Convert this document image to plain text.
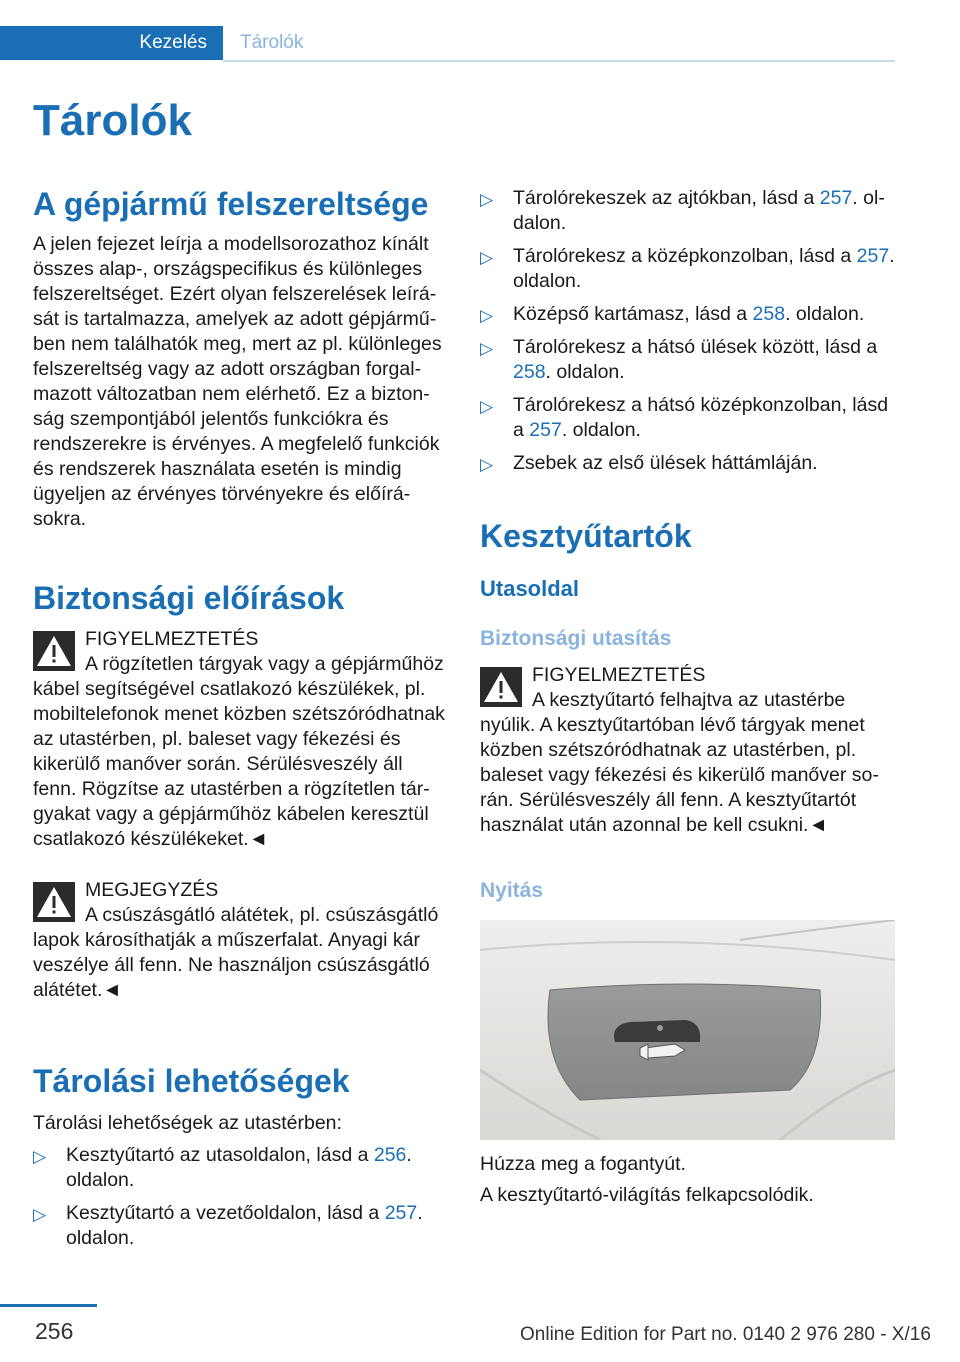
Kezelés	Tárolók
Tárolók
A gépjármű felszereltsége

A jelen fejezet leírja a modellsorozathoz kínált összes alap-, országspecifikus és különleges felszereltséget. Ezért olyan felszerelések leírását is tartalmazza, amelyek az adott gépjárműben nem találhatók meg, mert az pl. különleges felszereltség vagy az adott országban forgalmazott változatban nem elérhető. Ez a biztonság szempontjából jelentős funkciókra és rendszerekre is érvényes. A megfelelő funkciók és rendszerek használata esetén is mindig ügyeljen az érvényes törvényekre és előírásokra.

Biztonsági előírások
FIGYELMEZTETÉS
A rögzítetlen tárgyak vagy a gépjárműhöz kábel segítségével csatlakozó készülékek, pl. mobiltelefonok menet közben szétszóródhatnak az utastérben, pl. baleset vagy fékezési és kikerülő manőver során. Sérülésveszély áll fenn. Rögzítse az utastérben a rögzítetlen tárgyakat vagy a gépjárműhöz kábelen keresztül csatlakozó készülékeket.◄
MEGJEGYZÉS
A csúszásgátló alátétek, pl. csúszásgátló lapok károsíthatják a műszerfalat. Anyagi kár veszélye áll fenn. Ne használjon csúszásgátló alátétet.◄
Tárolási lehetőségek

Tárolási lehetőségek az utastérben:

▷ Kesztyűtartó az utasoldalon, lásd a 256. oldalon.
▷ Kesztyűtartó a vezetőoldalon, lásd a 257. oldalon.
▷ Tárolórekeszek az ajtókban, lásd a 257. oldalon.
▷ Tárolórekesz a középkonzolban, lásd a 257. oldalon.
▷ Középső kartámasz, lásd a 258. oldalon.
▷ Tárolórekesz a hátsó ülések között, lásd a 258. oldalon.
▷ Tárolórekesz a hátsó középkonzolban, lásd a 257. oldalon.
▷ Zsebek az első ülések háttámláján.
Kesztyűtartók
Utasoldal
Biztonsági utasítás
FIGYELMEZTETÉS
A kesztyűtartó felhajtva az utastérbe nyúlik. A kesztyűtartóban lévő tárgyak menet közben szétszóródhatnak az utastérben, pl. baleset vagy fékezési és kikerülő manőver során. Sérülésveszély áll fenn. A kesztyűtartót használat után azonnal be kell csukni.◄
Nyitás

Húzza meg a fogantyút.

A kesztyűtartó-világítás felkapcsolódik.

256	Online Edition for Part no. 0140 2 976 280 - X/16
